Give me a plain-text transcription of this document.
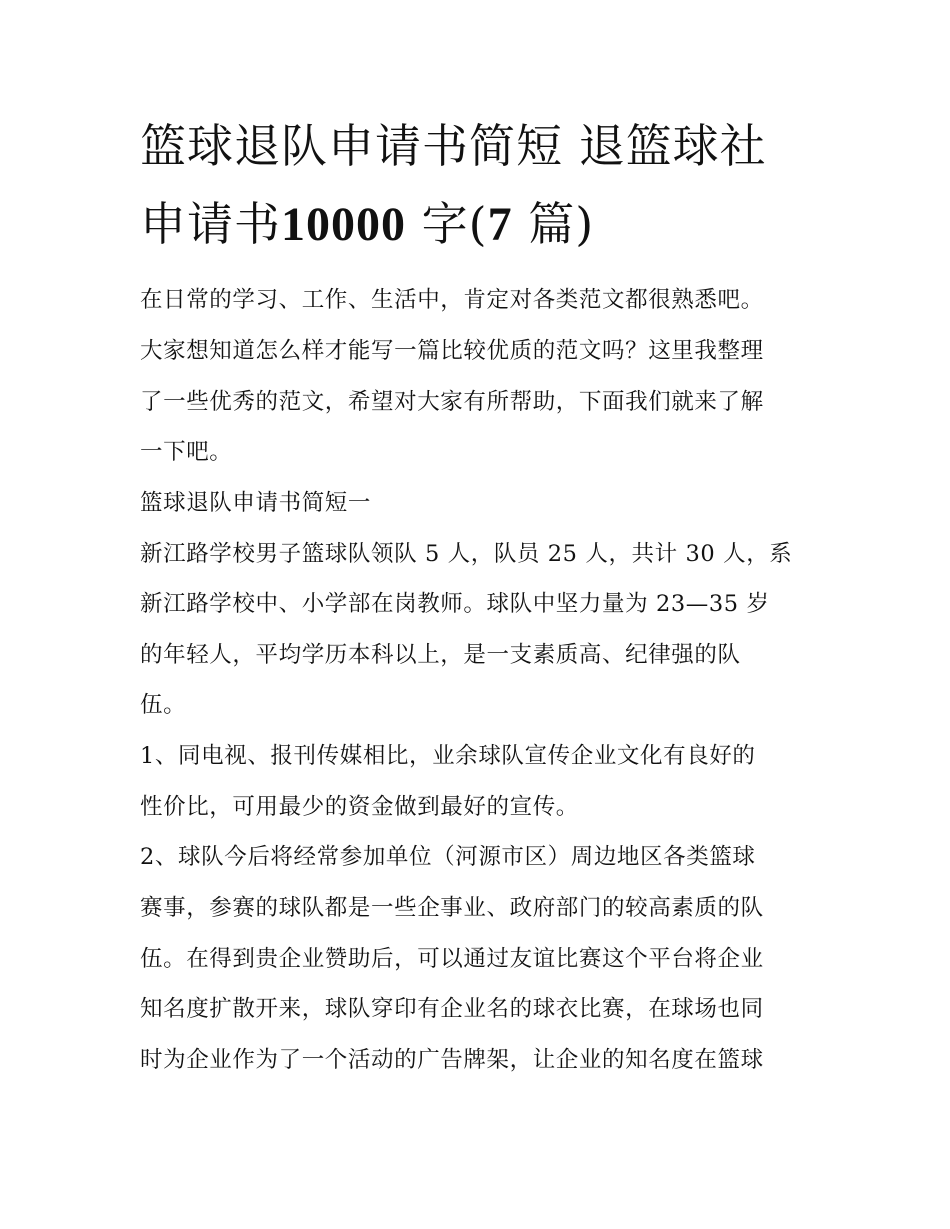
篮球退队申请书简短 退篮球社
申请书10000 字(7 篇)
在日常的学习、工作、生活中，肯定对各类范文都很熟悉吧。
大家想知道怎么样才能写一篇比较优质的范文吗？这里我整理
了一些优秀的范文，希望对大家有所帮助，下面我们就来了解
一下吧。
篮球退队申请书简短一
新江路学校男子篮球队领队 5 人，队员 25 人，共计 30 人，系
新江路学校中、小学部在岗教师。球队中坚力量为 23—35 岁
的年轻人，平均学历本科以上，是一支素质高、纪律强的队
伍。
1、同电视、报刊传媒相比，业余球队宣传企业文化有良好的
性价比，可用最少的资金做到最好的宣传。
2、球队今后将经常参加单位（河源市区）周边地区各类篮球
赛事，参赛的球队都是一些企事业、政府部门的较高素质的队
伍。在得到贵企业赞助后，可以通过友谊比赛这个平台将企业
知名度扩散开来，球队穿印有企业名的球衣比赛，在球场也同
时为企业作为了一个活动的广告牌架，让企业的知名度在篮球
